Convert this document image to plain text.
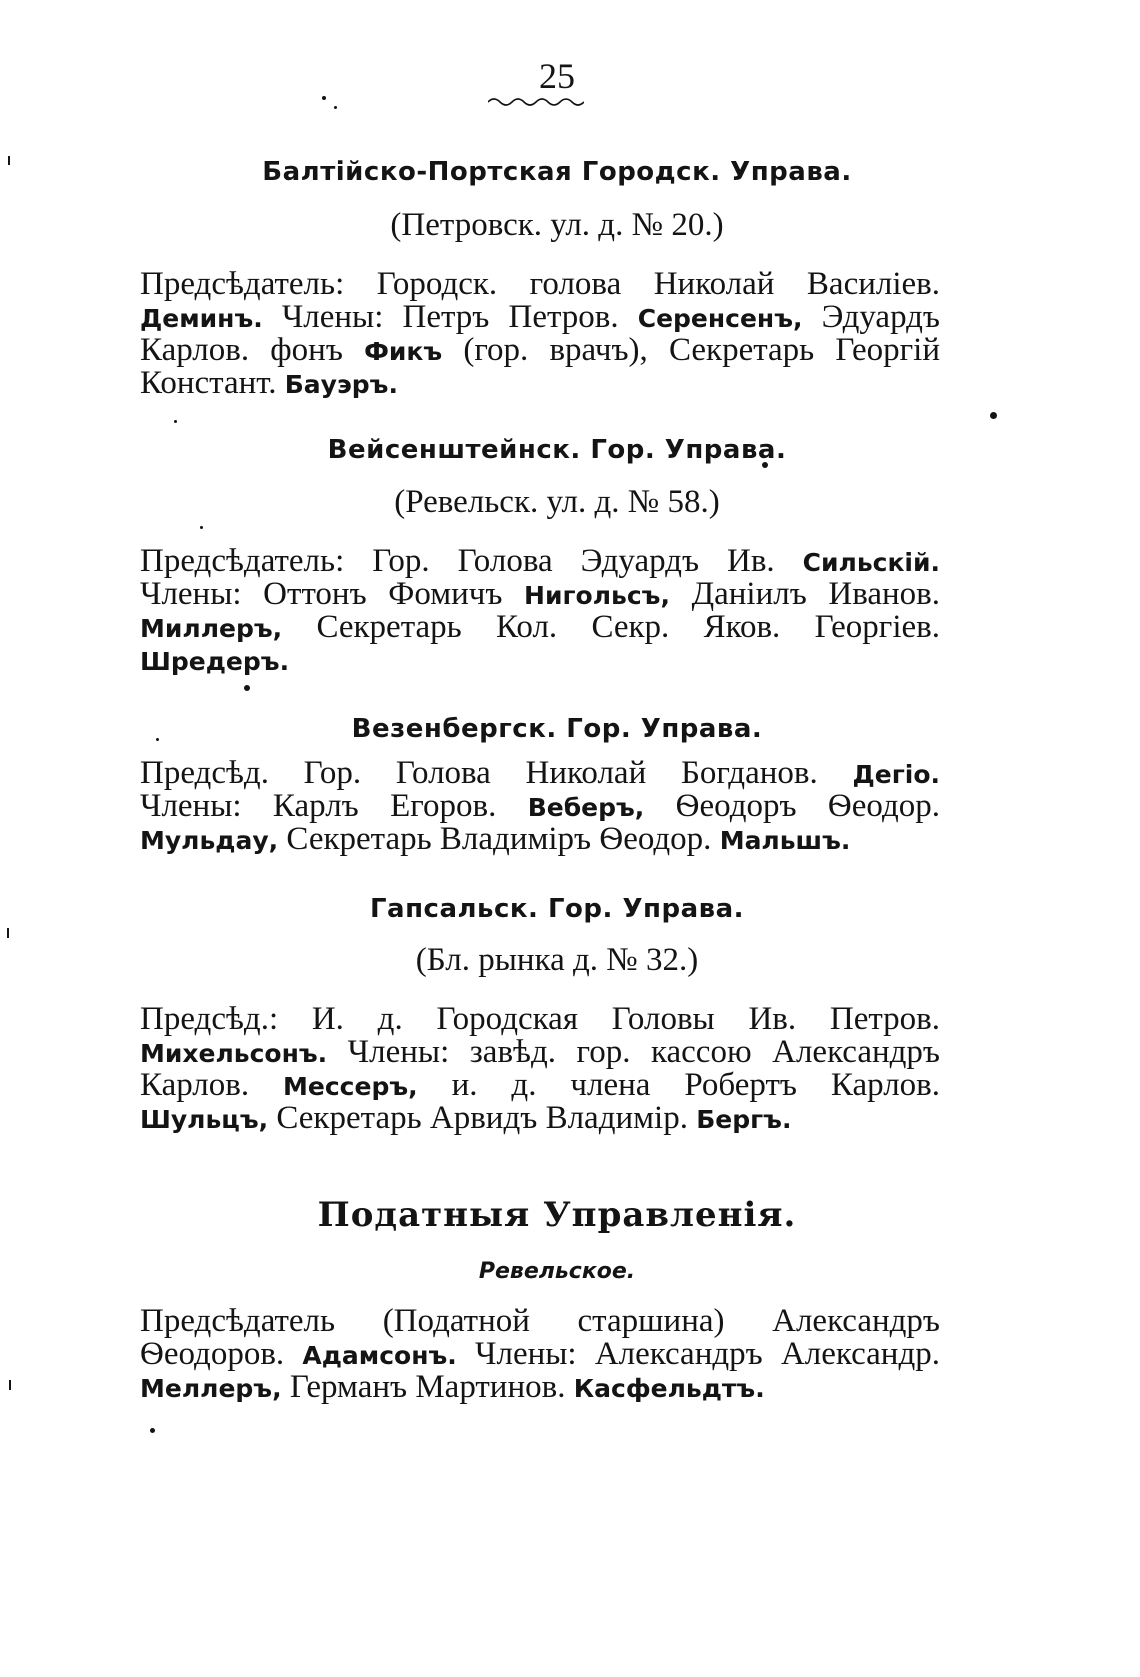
25
Балтійско-Портская Городск. Управа.
(Петровск. ул. д. № 20.)
Предсѣдатель: Городск. голова Николай Василіев.
Деминъ. Члены: Петръ Петров. Серенсенъ, Эдуардъ
Карлов. фонъ Фикъ (гор. врачъ), Секретарь Георгій
Констант. Бауэръ.
Вейсенштейнск. Гор. Управа.
(Ревельск. ул. д. № 58.)
Предсѣдатель: Гор. Голова Эдуардъ Ив. Сильскій.
Члены: Оттонъ Фомичъ Нигольсъ, Даніилъ Иванов.
Миллеръ, Секретарь Кол. Секр. Яков. Георгіев.
Шредеръ.
Везенбергск. Гор. Управа.
Предсѣд. Гор. Голова Николай Богданов. Дегіо.
Члены: Карлъ Егоров. Веберъ, Ѳеодоръ Ѳеодор.
Мульдау, Секретарь Владиміръ Ѳеодор. Мальшъ.
Гапсальск. Гор. Управа.
(Бл. рынка д. № 32.)
Предсѣд.: И. д. Городская Головы Ив. Петров.
Михельсонъ. Члены: завѣд. гор. кассою Александръ
Карлов. Мессеръ, и. д. члена Робертъ Карлов.
Шульцъ, Секретарь Арвидъ Владимір. Бергъ.
Податныя Управленія.
Ревельское.
Предсѣдатель (Податной старшина) Александръ
Ѳеодоров. Адамсонъ. Члены: Александръ Александр.
Меллеръ, Германъ Мартинов. Касфельдтъ.
